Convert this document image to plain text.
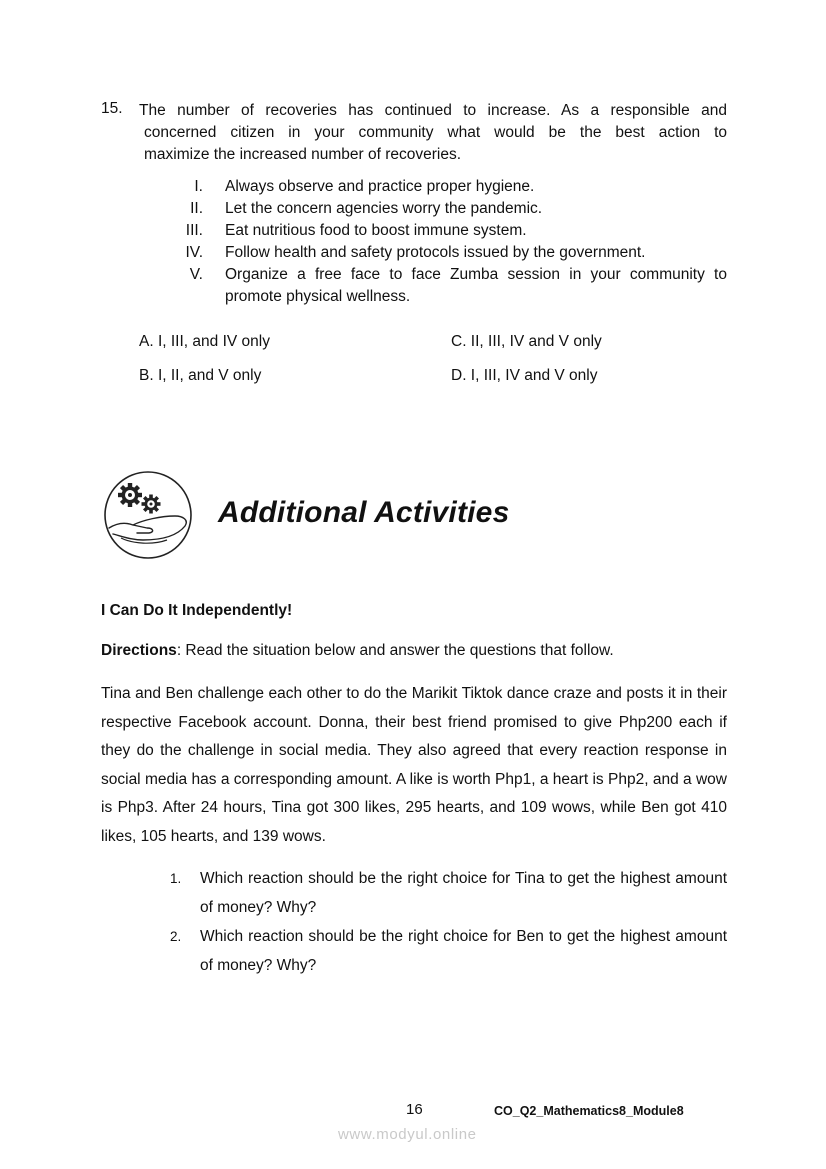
15. The number of recoveries has continued to increase. As a responsible and
concerned citizen in your community what would be the best action to
maximize the increased number of recoveries.
I.	Always observe and practice proper hygiene.
II.	Let the concern agencies worry the pandemic.
III.	Eat nutritious food to boost immune system.
IV.	Follow health and safety protocols issued by the government.
V.	Organize a free face to face Zumba session in your community to promote physical wellness.
A. I, III, and IV only
B. I, II, and V only
C. II, III, IV and V only
D. I, III, IV and V only
Additional Activities
I Can Do It Independently!
Directions: Read the situation below and answer the questions that follow.
Tina and Ben challenge each other to do the Marikit Tiktok dance craze and posts it in their respective Facebook account. Donna, their best friend promised to give Php200 each if they do the challenge in social media. They also agreed that every reaction response in social media has a corresponding amount. A like is worth Php1, a heart is Php2, and a wow is Php3. After 24 hours, Tina got 300 likes, 295 hearts, and 109 wows, while Ben got 410 likes, 105 hearts, and 139 wows.
1.	Which reaction should be the right choice for Tina to get the highest amount of money? Why?
2.	Which reaction should be the right choice for Ben to get the highest amount of money? Why?
16	CO_Q2_Mathematics8_Module8
www.modyul.online
